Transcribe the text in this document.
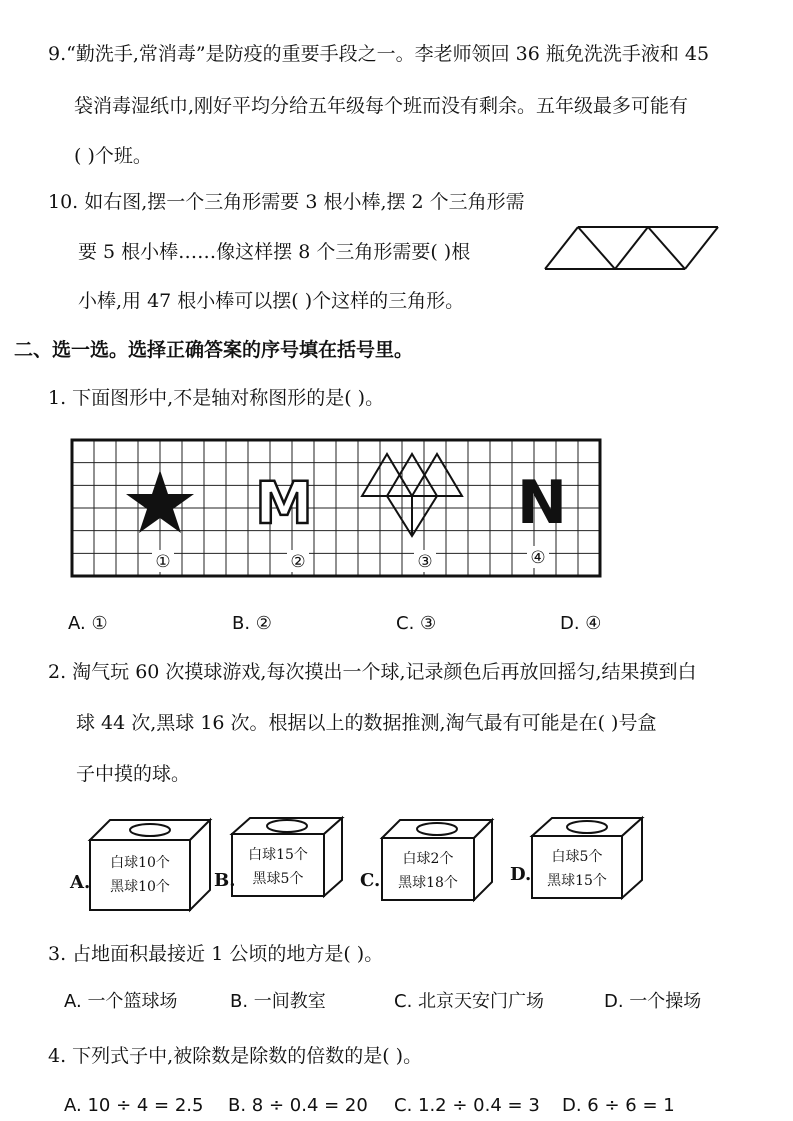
9.“勤洗手,常消毒”是防疫的重要手段之一。李老师领回 36 瓶免洗洗手液和 45
袋消毒湿纸巾,刚好平均分给五年级每个班而没有剩余。五年级最多可能有
( )个班。
10. 如右图,摆一个三角形需要 3 根小棒,摆 2 个三角形需
要 5 根小棒……像这样摆 8 个三角形需要( )根
小棒,用 47 根小棒可以摆( )个这样的三角形。
二、选一选。选择正确答案的序号填在括号里。
1. 下面图形中,不是轴对称图形的是( )。
M	N
①	②	③	④
A. ①	B. ②	C. ③	D. ④
2. 淘气玩 60 次摸球游戏,每次摸出一个球,记录颜色后再放回摇匀,结果摸到白
球 44 次,黑球 16 次。根据以上的数据推测,淘气最有可能是在( )号盒
子中摸的球。
A.
白球10个
黑球10个 B.
白球15个
黑球5个	C.
白球2个
黑球18个	D.
白球5个
黑球15个
3. 占地面积最接近 1 公顷的地方是( )。
A. 一个篮球场	B. 一间教室	C. 北京天安门广场	D. 一个操场
4. 下列式子中,被除数是除数的倍数的是( )。
A. 10 ÷ 4 = 2.5 B. 8 ÷ 0.4 = 20 C. 1.2 ÷ 0.4 = 3 D. 6 ÷ 6 = 1
